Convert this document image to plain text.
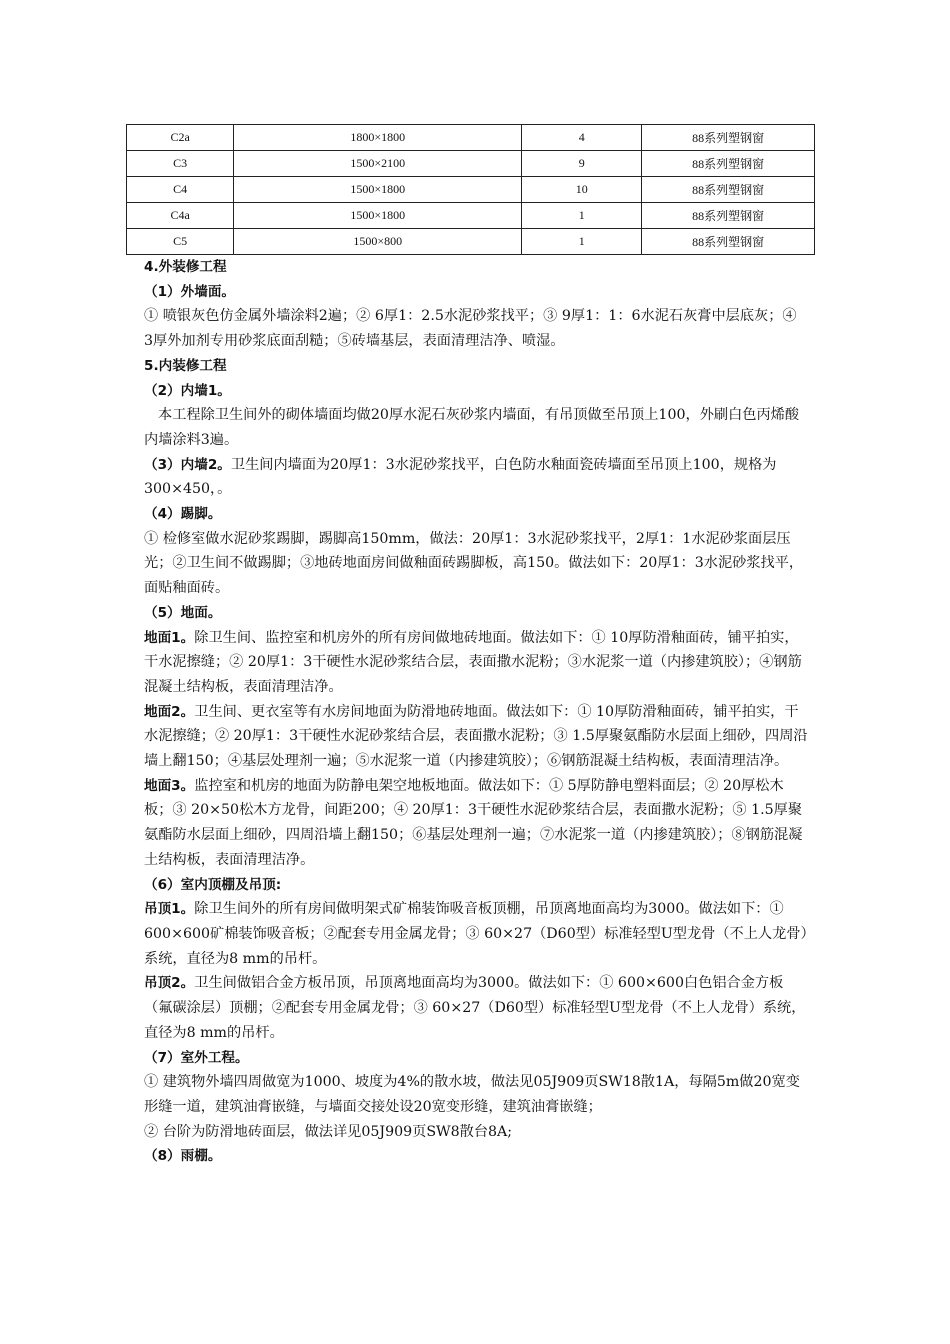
C2a	1800×1800	4	88系列塑钢窗
C3	1500×2100	9	88系列塑钢窗
C4	1500×1800	10	88系列塑钢窗
C4a	1500×1800	1	88系列塑钢窗
C5	1500×800	1	88系列塑钢窗

4.外装修工程

（1）外墙面。

① 喷银灰色仿金属外墙涂料2遍；② 6厚1：2.5水泥砂浆找平；③ 9厚1：1：6水泥石灰膏中层底灰；④ 3厚外加剂专用砂浆底面刮糙；⑤砖墙基层，表面清理洁净、喷湿。

5.内装修工程

（2）内墙1。

本工程除卫生间外的砌体墙面均做20厚水泥石灰砂浆内墙面，有吊顶做至吊顶上100，外刷白色丙烯酸内墙涂料3遍。

（3）内墙2。卫生间内墙面为20厚1：3水泥砂浆找平，白色防水釉面瓷砖墙面至吊顶上100，规格为300×450，。

（4）踢脚。

① 检修室做水泥砂浆踢脚，踢脚高150mm，做法：20厚1：3水泥砂浆找平，2厚1：1水泥砂浆面层压光；②卫生间不做踢脚；③地砖地面房间做釉面砖踢脚板，高150。做法如下：20厚1：3水泥砂浆找平，面贴釉面砖。

（5）地面。

地面1。除卫生间、监控室和机房外的所有房间做地砖地面。做法如下：① 10厚防滑釉面砖，铺平拍实，干水泥擦缝；② 20厚1：3干硬性水泥砂浆结合层，表面撒水泥粉；③水泥浆一道（内掺建筑胶）；④钢筋混凝土结构板，表面清理洁净。

地面2。卫生间、更衣室等有水房间地面为防滑地砖地面。做法如下：① 10厚防滑釉面砖，铺平拍实，干水泥擦缝；② 20厚1：3干硬性水泥砂浆结合层，表面撒水泥粉；③ 1.5厚聚氨酯防水层面上细砂，四周沿墙上翻150；④基层处理剂一遍；⑤水泥浆一道（内掺建筑胶）；⑥钢筋混凝土结构板，表面清理洁净。

地面3。监控室和机房的地面为防静电架空地板地面。做法如下：① 5厚防静电塑料面层；② 20厚松木板；③ 20×50松木方龙骨，间距200；④ 20厚1：3干硬性水泥砂浆结合层，表面撒水泥粉；⑤ 1.5厚聚氨酯防水层面上细砂，四周沿墙上翻150；⑥基层处理剂一遍；⑦水泥浆一道（内掺建筑胶）；⑧钢筋混凝土结构板，表面清理洁净。

（6）室内顶棚及吊顶:

吊顶1。除卫生间外的所有房间做明架式矿棉装饰吸音板顶棚，吊顶离地面高均为3000。做法如下：① 600×600矿棉装饰吸音板；②配套专用金属龙骨；③ 60×27（D60型）标准轻型U型龙骨（不上人龙骨）系统，直径为8 mm的吊杆。

吊顶2。卫生间做铝合金方板吊顶，吊顶离地面高均为3000。做法如下：① 600×600白色铝合金方板（氟碳涂层）顶棚；②配套专用金属龙骨；③ 60×27（D60型）标准轻型U型龙骨（不上人龙骨）系统，直径为8 mm的吊杆。

（7）室外工程。

① 建筑物外墙四周做宽为1000、坡度为4%的散水坡，做法见05J909页SW18散1A，每隔5m做20宽变形缝一道，建筑油膏嵌缝，与墙面交接处设20宽变形缝，建筑油膏嵌缝；

② 台阶为防滑地砖面层，做法详见05J909页SW8散台8A;

（8）雨棚。
